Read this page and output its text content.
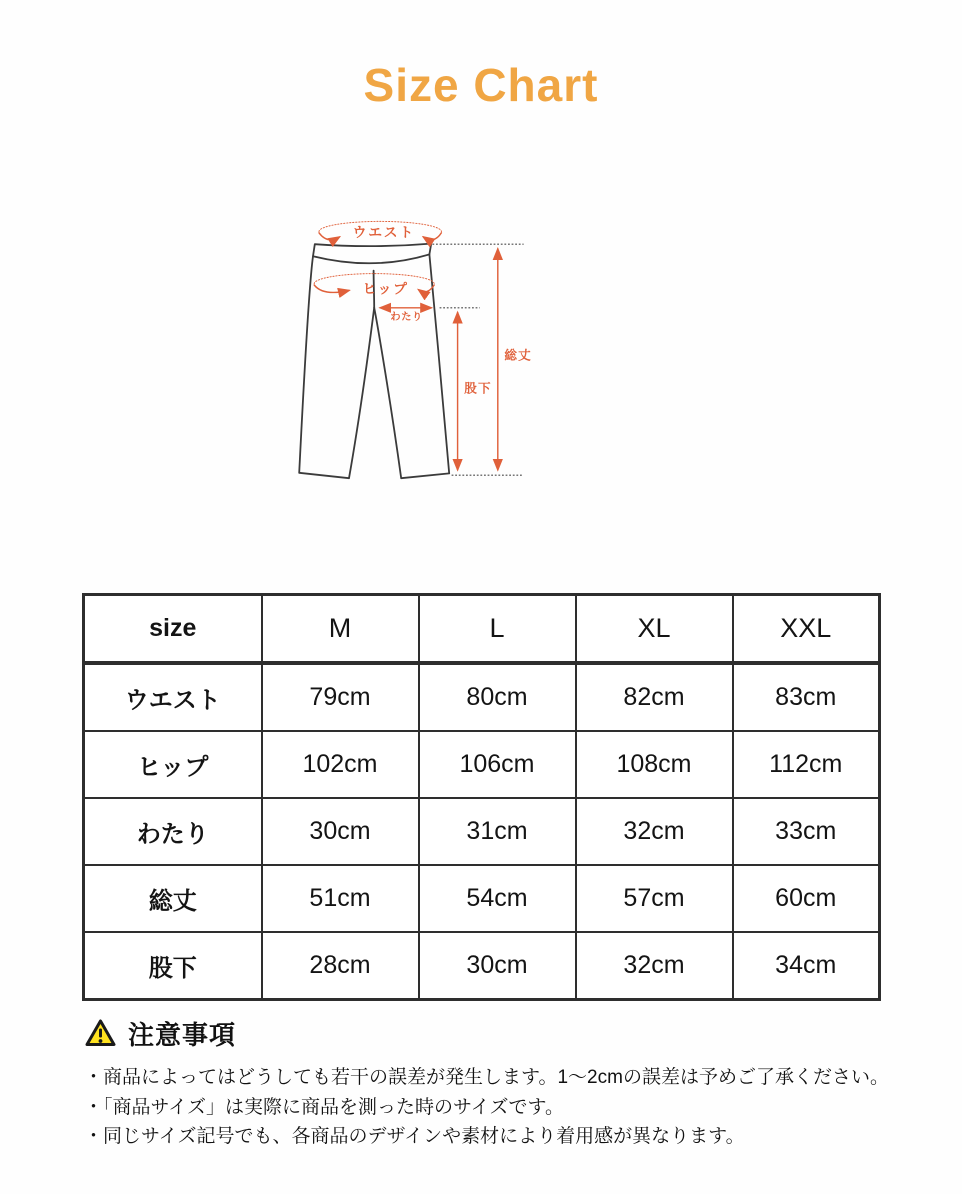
Size Chart
ウエスト
ヒップ
わたり
股下
総丈
size	M	L	XL	XXL
ウエスト	79cm	80cm	82cm	83cm
ヒップ	102cm	106cm	108cm	112cm
わたり	30cm	31cm	32cm	33cm
総丈	51cm	54cm	57cm	60cm
股下	28cm	30cm	32cm	34cm
注意事項
・商品によってはどうしても若干の誤差が発生します。1～2cmの誤差は予めご了承ください。
・「商品サイズ」は実際に商品を測った時のサイズです。
・同じサイズ記号でも、各商品のデザインや素材により着用感が異なります。
